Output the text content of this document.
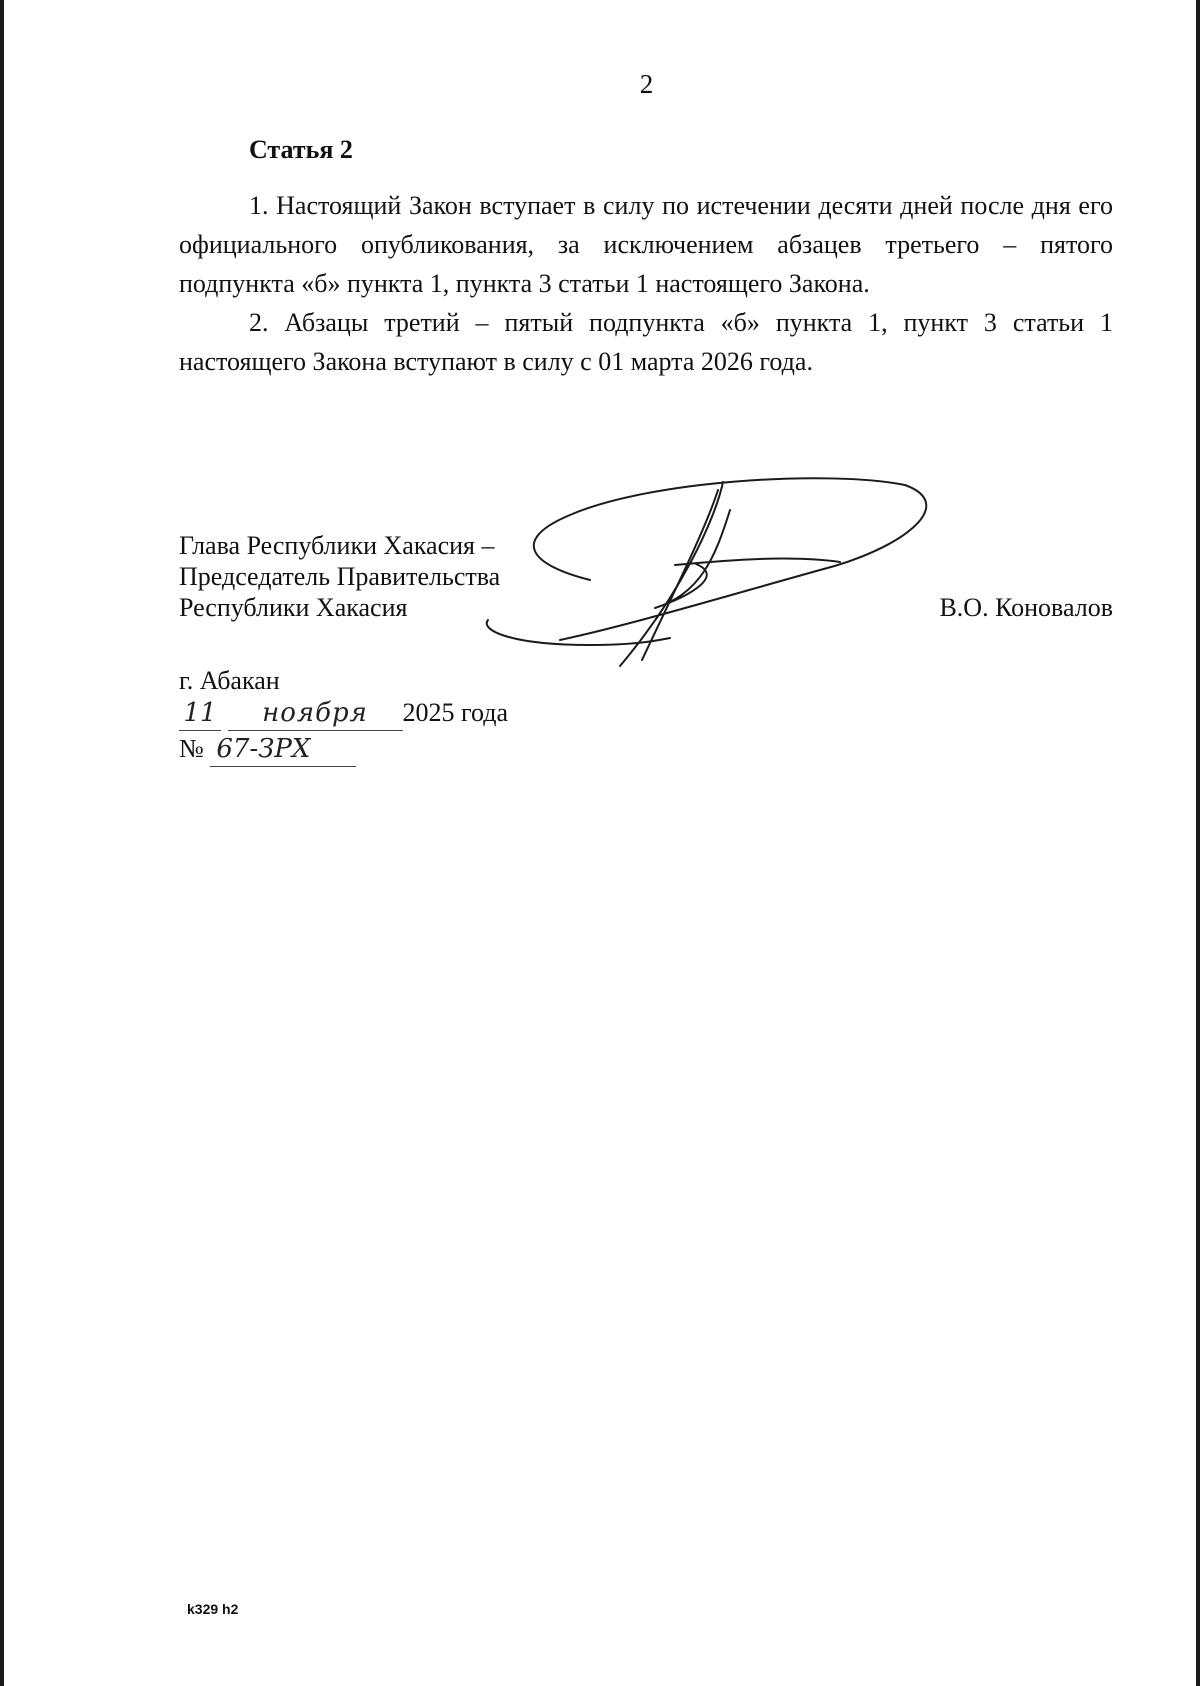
2
Статья 2

1. Настоящий Закон вступает в силу по истечении десяти дней после дня его официального опубликования, за исключением абзацев третьего – пятого подпункта «б» пункта 1, пункта 3 статьи 1 настоящего Закона.

2. Абзацы третий – пятый подпункта «б» пункта 1, пункт 3 статьи 1 настоящего Закона вступают в силу с 01 марта 2026 года.

Глава Республики Хакасия –
Председатель Правительства
Республики Хакасия	В.О. Коновалов
г. Абакан
11 ноября 2025 года
№ 67-ЗРХ
k329 h2
